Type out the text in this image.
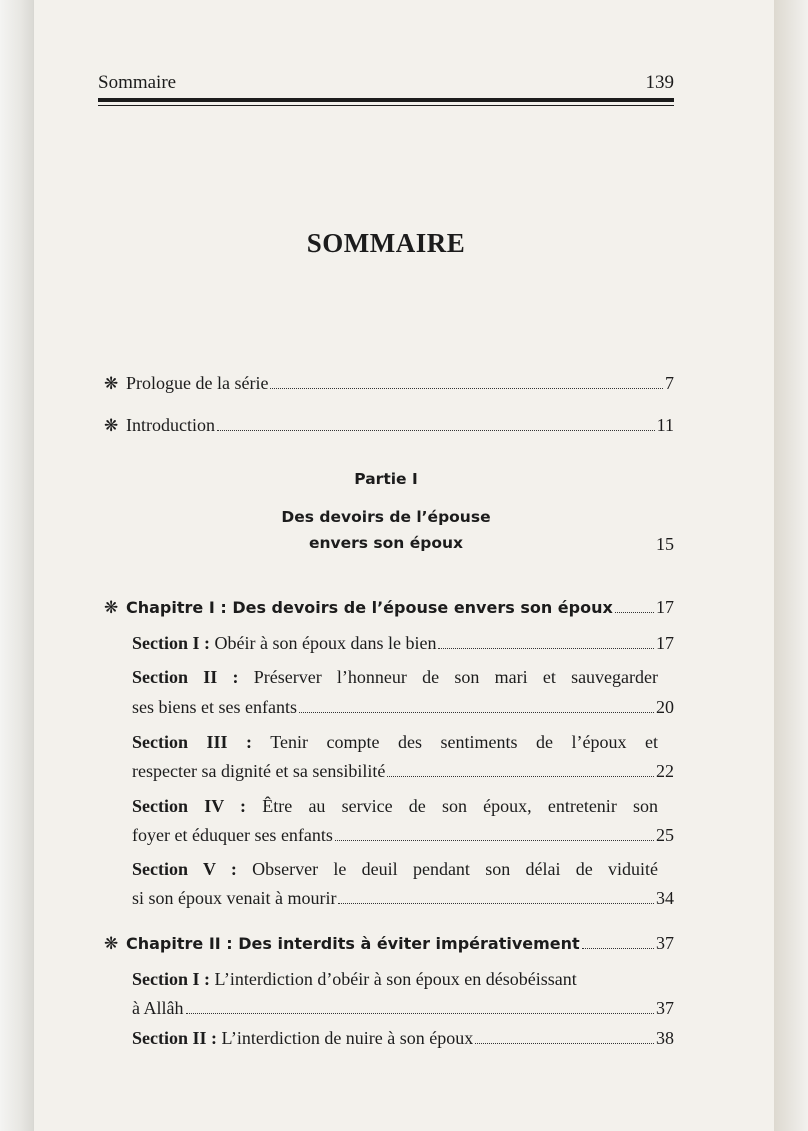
Sommaire	139
SOMMAIRE
❋ Prologue de la série	7
❋ Introduction	11
Partie I
Des devoirs de l’épouse
envers son époux	15
❋ Chapitre I : Des devoirs de l’épouse envers son époux 17
Section I :
Obéir à son époux dans le bien	17
Section II : Préserver l’honneur de son mari et sauvegarder
ses biens et ses enfants	20
Section III : Tenir compte des sentiments de l’époux et
respecter sa dignité et sa sensibilité	22
Section IV : Être au service de son époux, entretenir son
foyer et éduquer ses enfants	25
Section V : Observer le deuil pendant son délai de viduité
si son époux venait à mourir	34
❋ Chapitre II : Des interdits à éviter impérativement	37
Section I : L’interdiction d’obéir à son époux en désobéissant
à Allâh	37
Section II :
L’interdiction de nuire à son époux	38
